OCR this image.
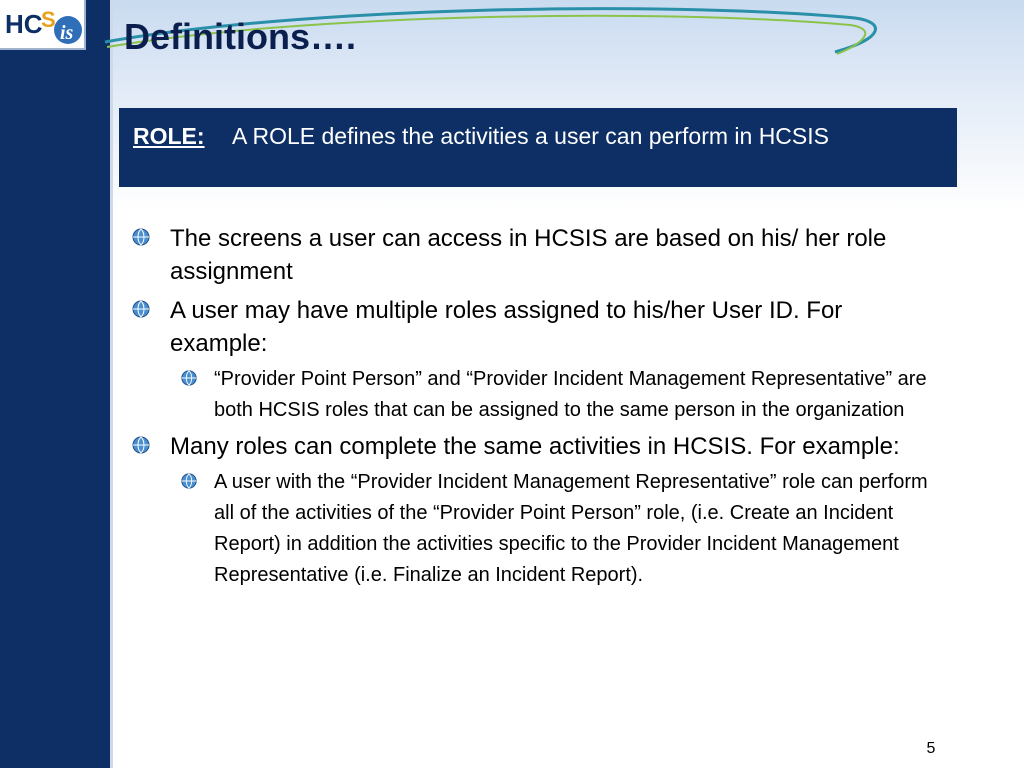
HC
S
is Definitions….
ROLE: A ROLE defines the activities a user can perform in HCSIS
The screens a user can access in HCSIS are based on his/ her role assignment
A user may have multiple roles assigned to his/her User ID. For example:
“Provider Point Person” and “Provider Incident Management Representative” are both HCSIS roles that can be assigned to the same person in the organization
Many roles can complete the same activities in HCSIS. For example:
A user with the “Provider Incident Management Representative” role can perform all of the activities of the “Provider Point Person” role, (i.e. Create an Incident Report) in addition the activities specific to the Provider Incident Management Representative (i.e. Finalize an Incident Report).
5
